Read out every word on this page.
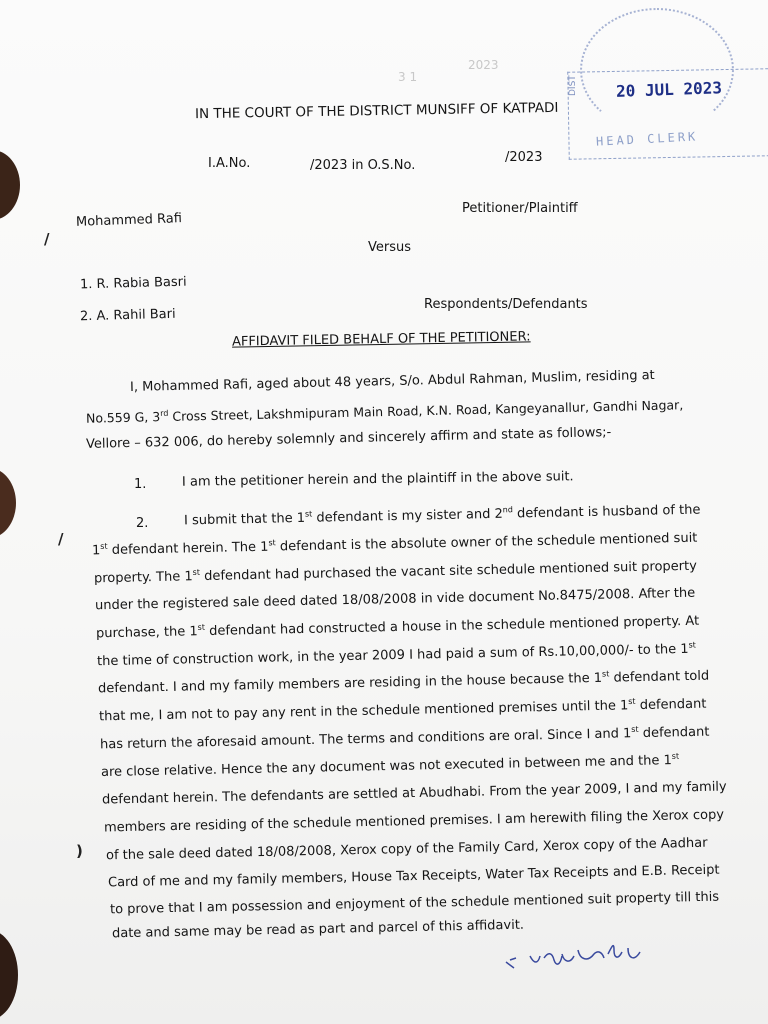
3 1
2023
DIST 20 JUL 2023
HEAD CLERK
IN THE COURT OF THE DISTRICT MUNSIFF OF KATPADI
I.A.No.	/2023 in O.S.No.
/2023
Mohammed Rafi
Petitioner/Plaintiff
/	Versus
1. R. Rabia Basri
2. A. Rahil Bari
Respondents/Defendants
AFFIDAVIT FILED BEHALF OF THE PETITIONER:
I, Mohammed Rafi, aged about 48 years, S/o. Abdul Rahman, Muslim, residing at
No.559 G, 3rd Cross Street, Lakshmipuram Main Road, K.N. Road, Kangeyanallur, Gandhi Nagar,
Vellore – 632 006, do hereby solemnly and sincerely affirm and state as follows;-
1.	I am the petitioner herein and the plaintiff in the above suit.
2.	I submit that the 1st defendant is my sister and 2nd defendant is husband of the
/
1st defendant herein. The 1st defendant is the absolute owner of the schedule mentioned suit
property. The 1st defendant had purchased the vacant site schedule mentioned suit property
under the registered sale deed dated 18/08/2008 in vide document No.8475/2008. After the
purchase, the 1st defendant had constructed a house in the schedule mentioned property. At
the time of construction work, in the year 2009 I had paid a sum of Rs.10,00,000/- to the 1st
defendant. I and my family members are residing in the house because the 1st defendant told
that me, I am not to pay any rent in the schedule mentioned premises until the 1st defendant
has return the aforesaid amount. The terms and conditions are oral. Since I and 1st defendant
are close relative. Hence the any document was not executed in between me and the 1st
defendant herein. The defendants are settled at Abudhabi. From the year 2009, I and my family
members are residing of the schedule mentioned premises. I am herewith filing the Xerox copy
) of the sale deed dated 18/08/2008, Xerox copy of the Family Card, Xerox copy of the Aadhar
Card of me and my family members, House Tax Receipts, Water Tax Receipts and E.B. Receipt
to prove that I am possession and enjoyment of the schedule mentioned suit property till this
date and same may be read as part and parcel of this affidavit.
